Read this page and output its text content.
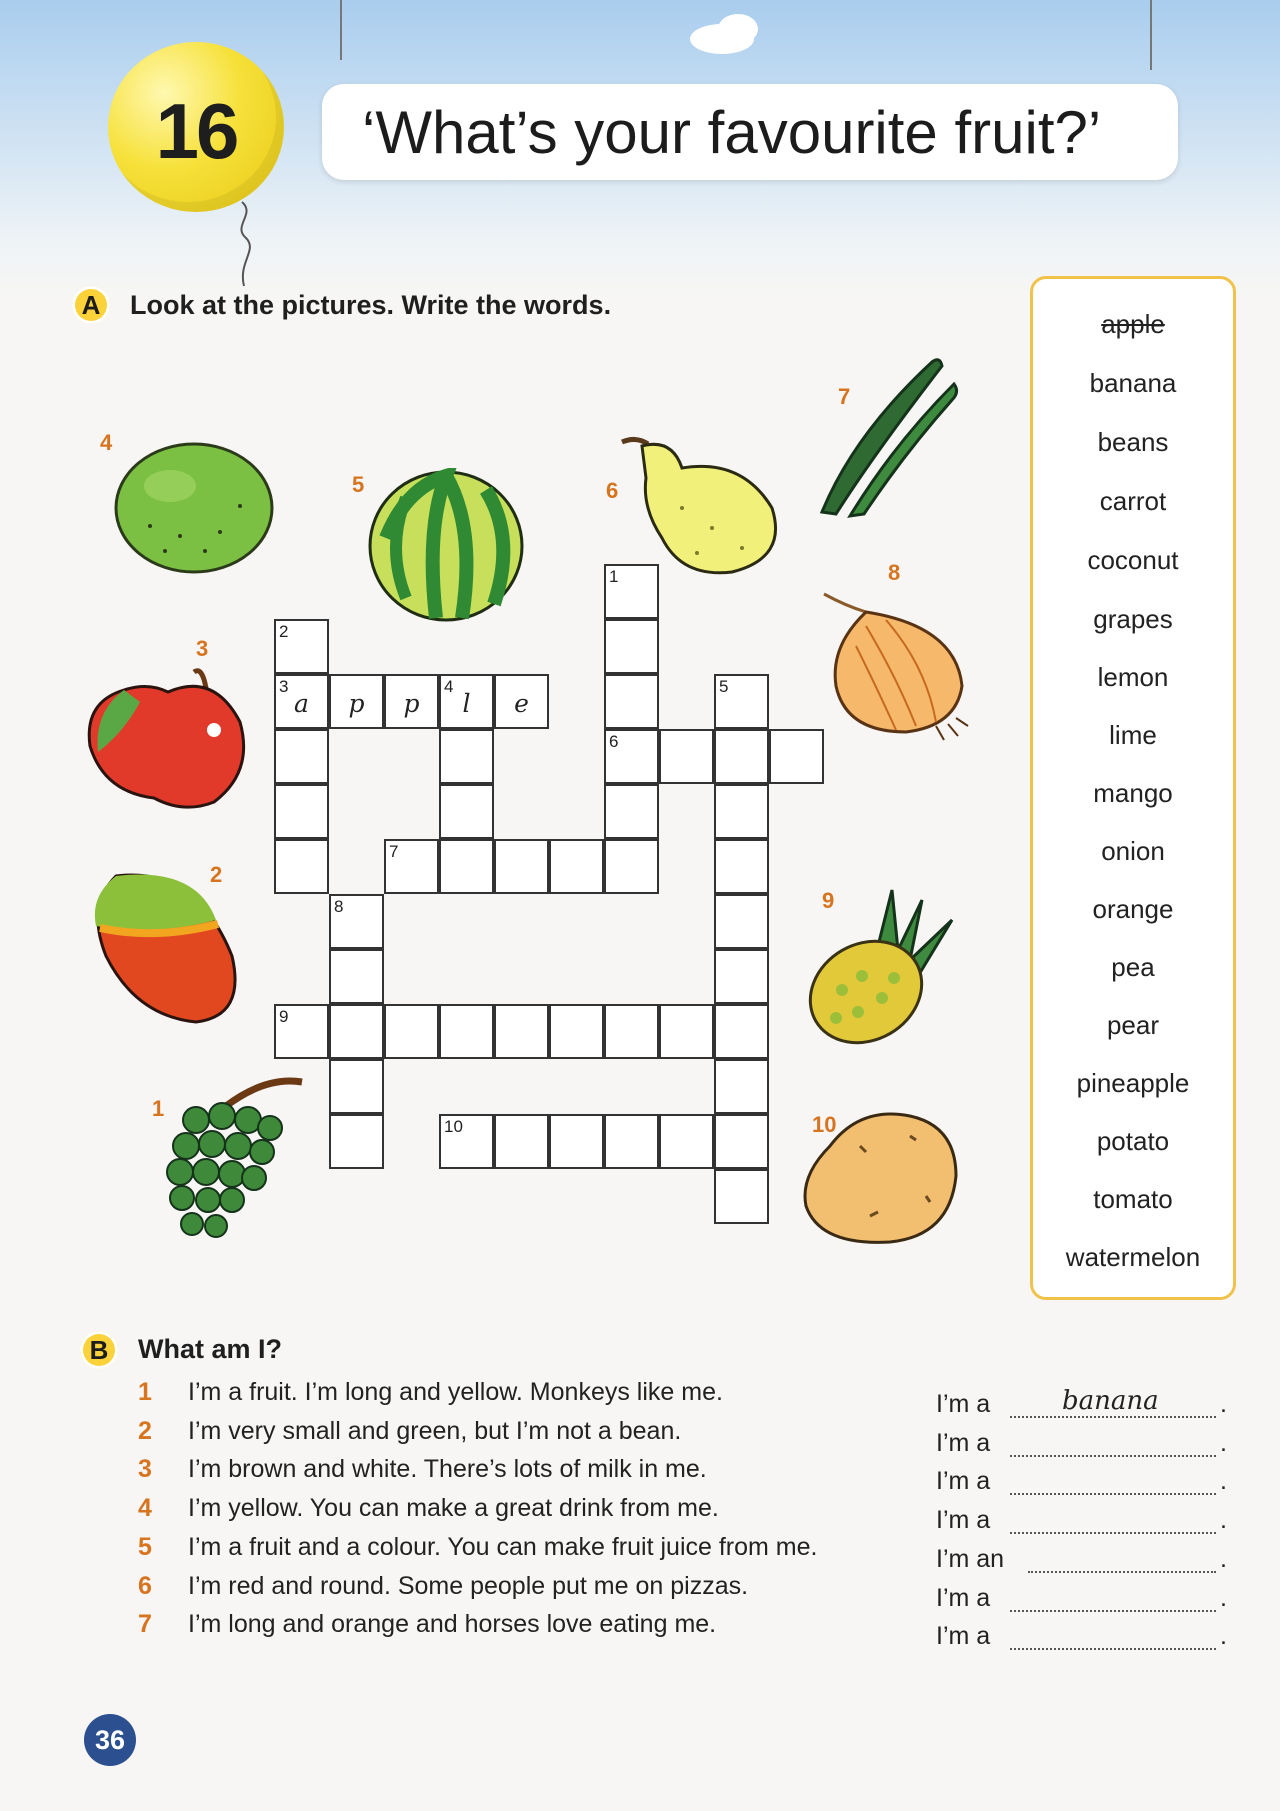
16	‘What’s your favourite fruit?’
A	Look at the pictures. Write the words.
apple
banana
beans
carrot
coconut
grapes
lemon
lime
mango
onion
orange
pea
pear
pineapple
potato
tomato
watermelon
1
6
2
3
a	p	p
4
l	e
5
7
8
9
10
4
5	6
7
8
3
2
9
1
10
B	What am I?
1 I’m a fruit. I’m long and yellow. Monkeys like me.	I’m a	banana .
2 I’m very small and green, but I’m not a bean.	I’m a	.
3 I’m brown and white. There’s lots of milk in me.	I’m a	.
4 I’m yellow. You can make a great drink from me.	I’m a	.
5 I’m a fruit and a colour. You can make fruit juice from me.	I’m an	.
6 I’m red and round. Some people put me on pizzas.	I’m a	.
7 I’m long and orange and horses love eating me.	I’m a	.
36
